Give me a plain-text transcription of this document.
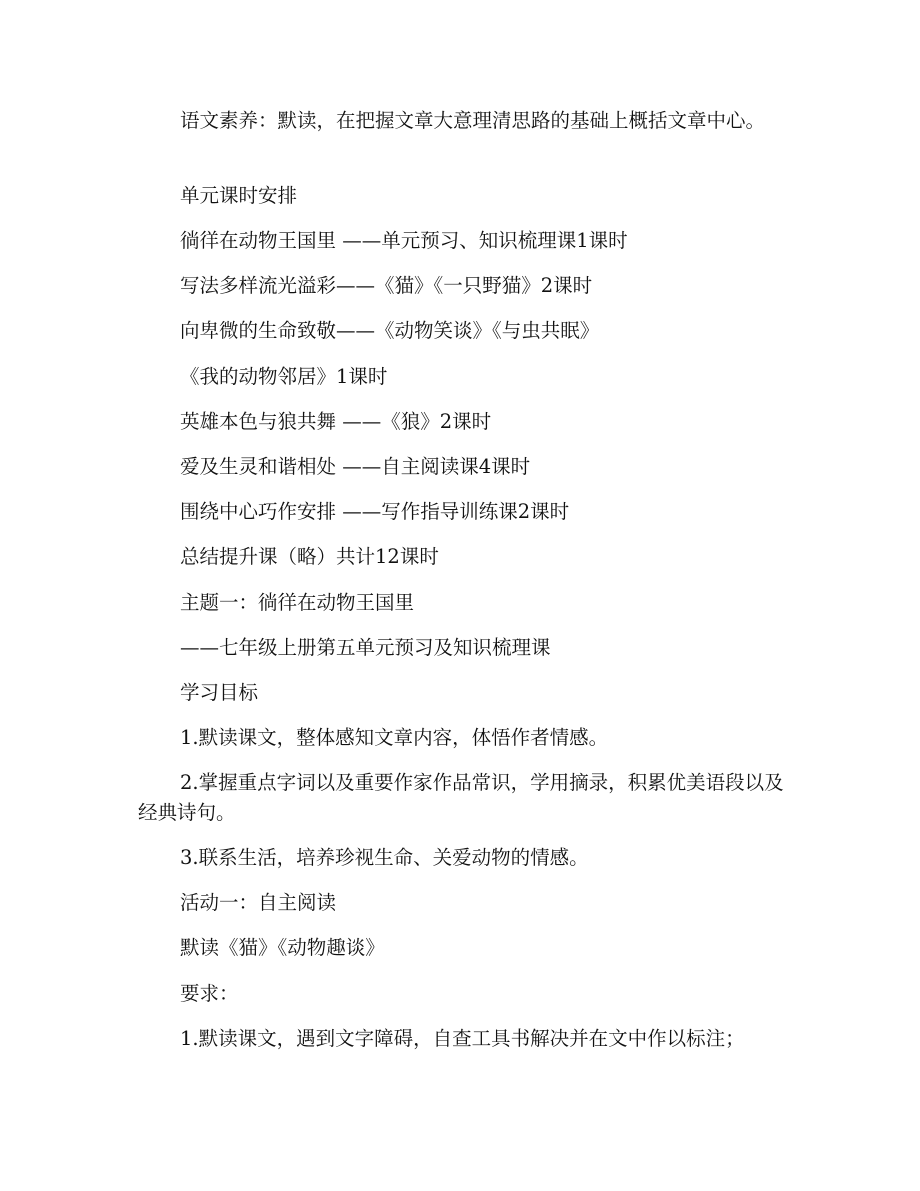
语文素养：默读，在把握文章大意理清思路的基础上概括文章中心。

单元课时安排

徜徉在动物王国里 ——单元预习、知识梳理课1课时

写法多样流光溢彩——《猫》《一只野猫》2课时

向卑微的生命致敬——《动物笑谈》《与虫共眠》

《我的动物邻居》1课时

英雄本色与狼共舞 ——《狼》2课时

爱及生灵和谐相处 ——自主阅读课4课时

围绕中心巧作安排 ——写作指导训练课2课时

总结提升课（略）共计12课时

主题一：徜徉在动物王国里

——七年级上册第五单元预习及知识梳理课

学习目标

1.默读课文，整体感知文章内容，体悟作者情感。

2.掌握重点字词以及重要作家作品常识，学用摘录，积累优美语段以及经典诗句。

3.联系生活，培养珍视生命、关爱动物的情感。

活动一：自主阅读

默读《猫》《动物趣谈》

要求：

1.默读课文，遇到文字障碍，自查工具书解决并在文中作以标注；
